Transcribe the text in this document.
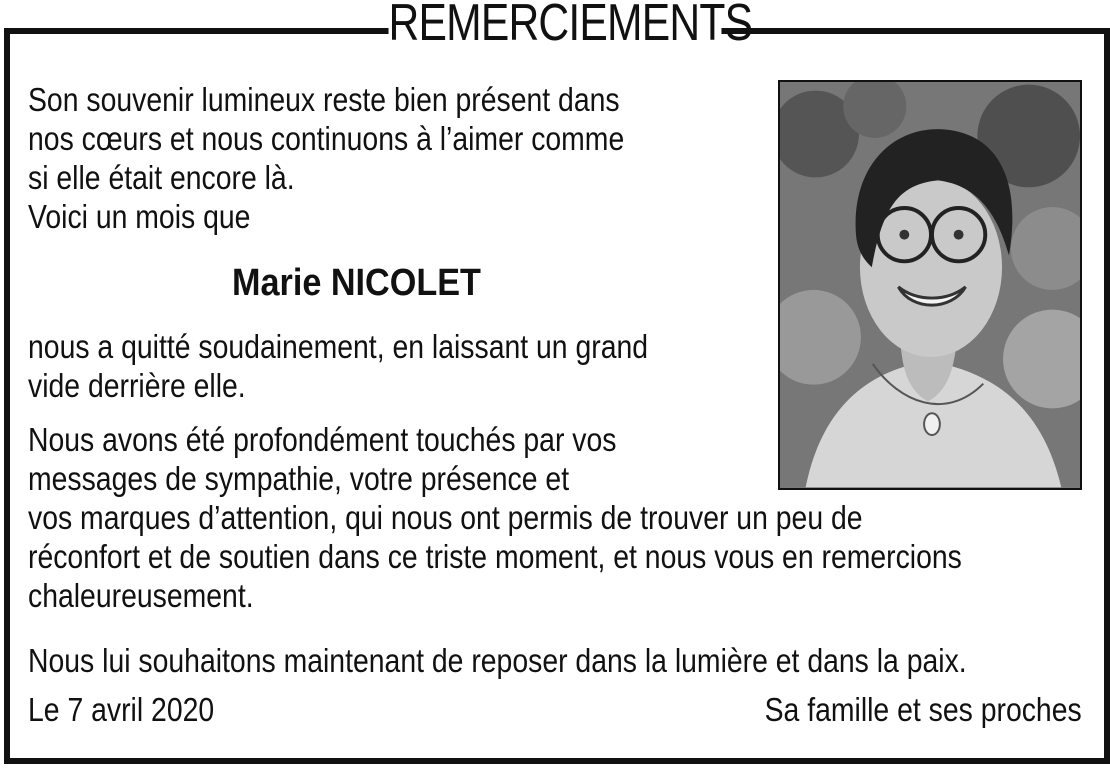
REMERCIEMENTS
Son souvenir lumineux reste bien présent dans
nos cœurs et nous continuons à l’aimer comme
si elle était encore là.
Voici un mois que
Marie NICOLET
nous a quitté soudainement, en laissant un grand
vide derrière elle.
Nous avons été profondément touchés par vos
messages de sympathie, votre présence et
vos marques d’attention, qui nous ont permis de trouver un peu de
réconfort et de soutien dans ce triste moment, et nous vous en remercions
chaleureusement.
Nous lui souhaitons maintenant de reposer dans la lumière et dans la paix.
Le 7 avril 2020	Sa famille et ses proches
